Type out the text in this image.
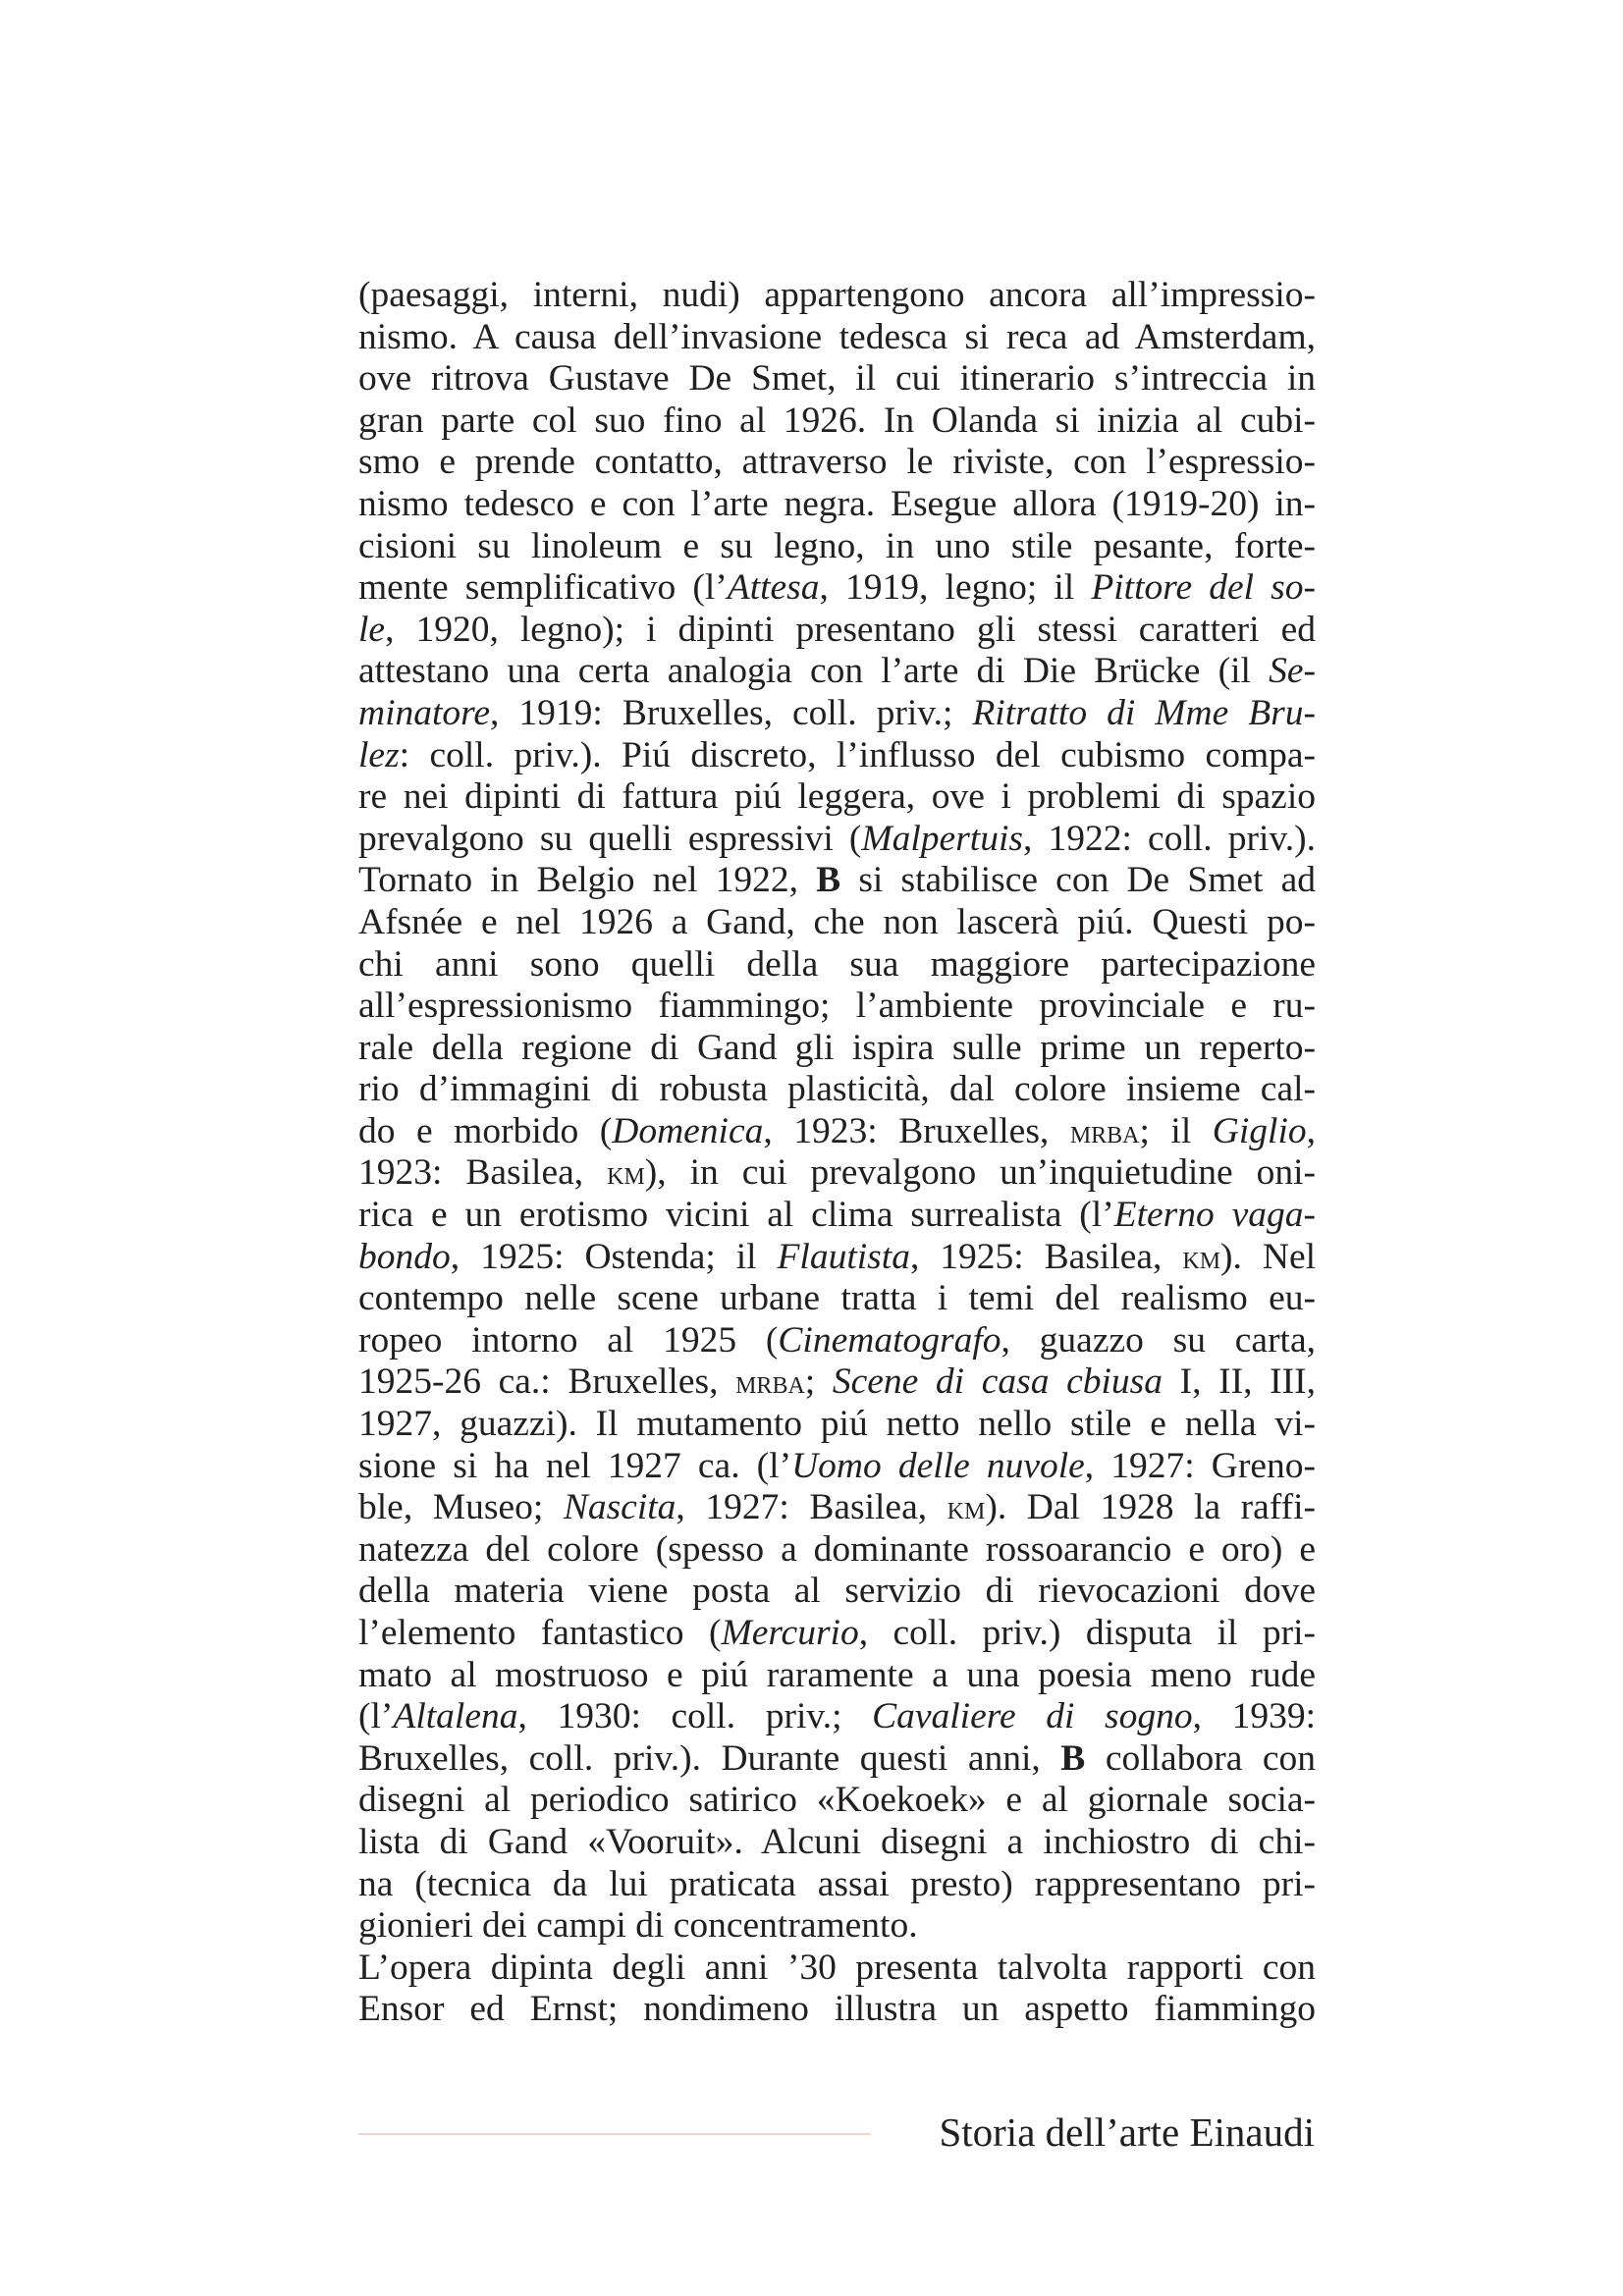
(paesaggi, interni, nudi) appartengono ancora all’impressio-
nismo. A causa dell’invasione tedesca si reca ad Amsterdam,
ove ritrova Gustave De Smet, il cui itinerario s’intreccia in
gran parte col suo fino al 1926. In Olanda si inizia al cubi-
smo e prende contatto, attraverso le riviste, con l’espressio-
nismo tedesco e con l’arte negra. Esegue allora (1919-20) in-
cisioni su linoleum e su legno, in uno stile pesante, forte-
mente semplificativo (l’Attesa, 1919, legno; il Pittore del so-
le, 1920, legno); i dipinti presentano gli stessi caratteri ed
attestano una certa analogia con l’arte di Die Brücke (il Se-
minatore, 1919: Bruxelles, coll. priv.; Ritratto di Mme Bru-
lez: coll. priv.). Piú discreto, l’influsso del cubismo compa-
re nei dipinti di fattura piú leggera, ove i problemi di spazio
prevalgono su quelli espressivi (Malpertuis, 1922: coll. priv.).
Tornato in Belgio nel 1922, B si stabilisce con De Smet ad
Afsnée e nel 1926 a Gand, che non lascerà piú. Questi po-
chi anni sono quelli della sua maggiore partecipazione
all’espressionismo fiammingo; l’ambiente provinciale e ru-
rale della regione di Gand gli ispira sulle prime un reperto-
rio d’immagini di robusta plasticità, dal colore insieme cal-
do e morbido (Domenica, 1923: Bruxelles, mrba; il Giglio,
1923: Basilea, km), in cui prevalgono un’inquietudine oni-
rica e un erotismo vicini al clima surrealista (l’Eterno vaga-
bondo, 1925: Ostenda; il Flautista, 1925: Basilea, km). Nel
contempo nelle scene urbane tratta i temi del realismo eu-
ropeo intorno al 1925 (Cinematografo, guazzo su carta,
1925-26 ca.: Bruxelles, mrba; Scene di casa cbiusa I, II, III,
1927, guazzi). Il mutamento piú netto nello stile e nella vi-
sione si ha nel 1927 ca. (l’Uomo delle nuvole, 1927: Greno-
ble, Museo; Nascita, 1927: Basilea, km). Dal 1928 la raffi-
natezza del colore (spesso a dominante rossoarancio e oro) e
della materia viene posta al servizio di rievocazioni dove
l’elemento fantastico (Mercurio, coll. priv.) disputa il pri-
mato al mostruoso e piú raramente a una poesia meno rude
(l’Altalena, 1930: coll. priv.; Cavaliere di sogno, 1939:
Bruxelles, coll. priv.). Durante questi anni, B collabora con
disegni al periodico satirico «Koekoek» e al giornale socia-
lista di Gand «Vooruit». Alcuni disegni a inchiostro di chi-
na (tecnica da lui praticata assai presto) rappresentano pri-
gionieri dei campi di concentramento.
L’opera dipinta degli anni ’30 presenta talvolta rapporti con
Ensor ed Ernst; nondimeno illustra un aspetto fiammingo
Storia dell’arte Einaudi
